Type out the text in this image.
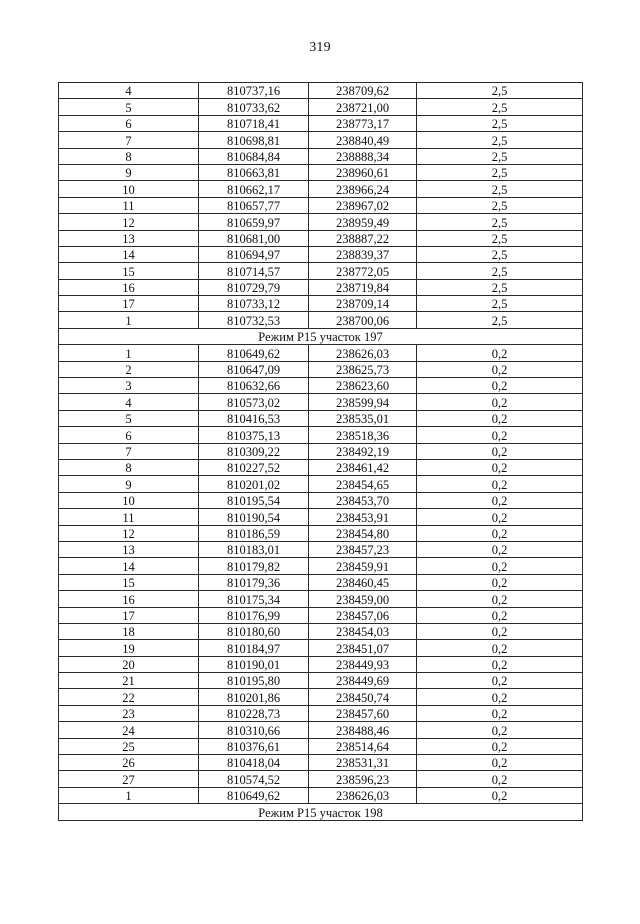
319
4	810737,16	238709,62	2,5
5	810733,62	238721,00	2,5
6	810718,41	238773,17	2,5
7	810698,81	238840,49	2,5
8	810684,84	238888,34	2,5
9	810663,81	238960,61	2,5
10	810662,17	238966,24	2,5
11	810657,77	238967,02	2,5
12	810659,97	238959,49	2,5
13	810681,00	238887,22	2,5
14	810694,97	238839,37	2,5
15	810714,57	238772,05	2,5
16	810729,79	238719,84	2,5
17	810733,12	238709,14	2,5
1	810732,53	238700,06	2,5
Режим Р15 участок 197			
1	810649,62	238626,03	0,2
2	810647,09	238625,73	0,2
3	810632,66	238623,60	0,2
4	810573,02	238599,94	0,2
5	810416,53	238535,01	0,2
6	810375,13	238518,36	0,2
7	810309,22	238492,19	0,2
8	810227,52	238461,42	0,2
9	810201,02	238454,65	0,2
10	810195,54	238453,70	0,2
11	810190,54	238453,91	0,2
12	810186,59	238454,80	0,2
13	810183,01	238457,23	0,2
14	810179,82	238459,91	0,2
15	810179,36	238460,45	0,2
16	810175,34	238459,00	0,2
17	810176,99	238457,06	0,2
18	810180,60	238454,03	0,2
19	810184,97	238451,07	0,2
20	810190,01	238449,93	0,2
21	810195,80	238449,69	0,2
22	810201,86	238450,74	0,2
23	810228,73	238457,60	0,2
24	810310,66	238488,46	0,2
25	810376,61	238514,64	0,2
26	810418,04	238531,31	0,2
27	810574,52	238596,23	0,2
1	810649,62	238626,03	0,2
Режим Р15 участок 198			
